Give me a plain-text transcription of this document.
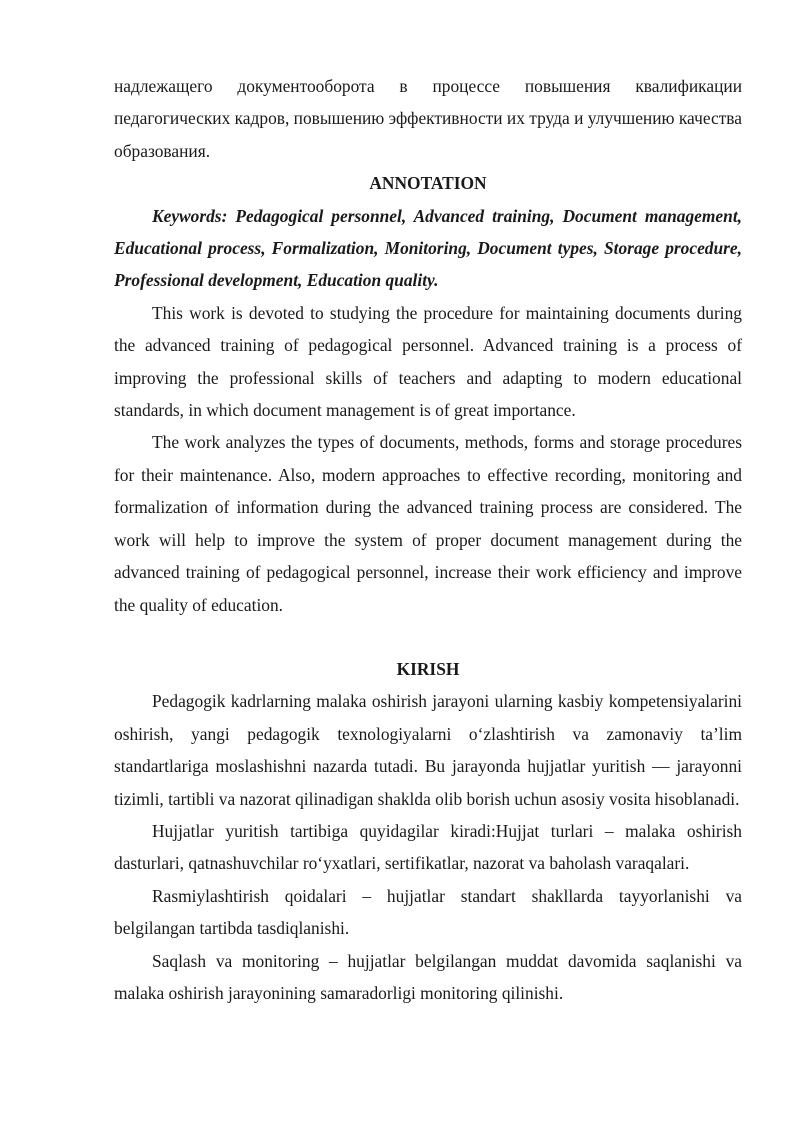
надлежащего документооборота в процессе повышения квалификации педагогических кадров, повышению эффективности их труда и улучшению качества образования.

ANNOTATION

Keywords: Pedagogical personnel, Advanced training, Document management, Educational process, Formalization, Monitoring, Document types, Storage procedure, Professional development, Education quality.

This work is devoted to studying the procedure for maintaining documents during the advanced training of pedagogical personnel. Advanced training is a process of improving the professional skills of teachers and adapting to modern educational standards, in which document management is of great importance.

The work analyzes the types of documents, methods, forms and storage procedures for their maintenance. Also, modern approaches to effective recording, monitoring and formalization of information during the advanced training process are considered. The work will help to improve the system of proper document management during the advanced training of pedagogical personnel, increase their work efficiency and improve the quality of education.

KIRISH

Pedagogik kadrlarning malaka oshirish jarayoni ularning kasbiy kompetensiyalarini oshirish, yangi pedagogik texnologiyalarni oʻzlashtirish va zamonaviy taʼlim standartlariga moslashishni nazarda tutadi. Bu jarayonda hujjatlar yuritish — jarayonni tizimli, tartibli va nazorat qilinadigan shaklda olib borish uchun asosiy vosita hisoblanadi.

Hujjatlar yuritish tartibiga quyidagilar kiradi:Hujjat turlari – malaka oshirish dasturlari, qatnashuvchilar roʻyxatlari, sertifikatlar, nazorat va baholash varaqalari.

Rasmiylashtirish qoidalari – hujjatlar standart shakllarda tayyorlanishi va belgilangan tartibda tasdiqlanishi.

Saqlash va monitoring – hujjatlar belgilangan muddat davomida saqlanishi va malaka oshirish jarayonining samaradorligi monitoring qilinishi.
